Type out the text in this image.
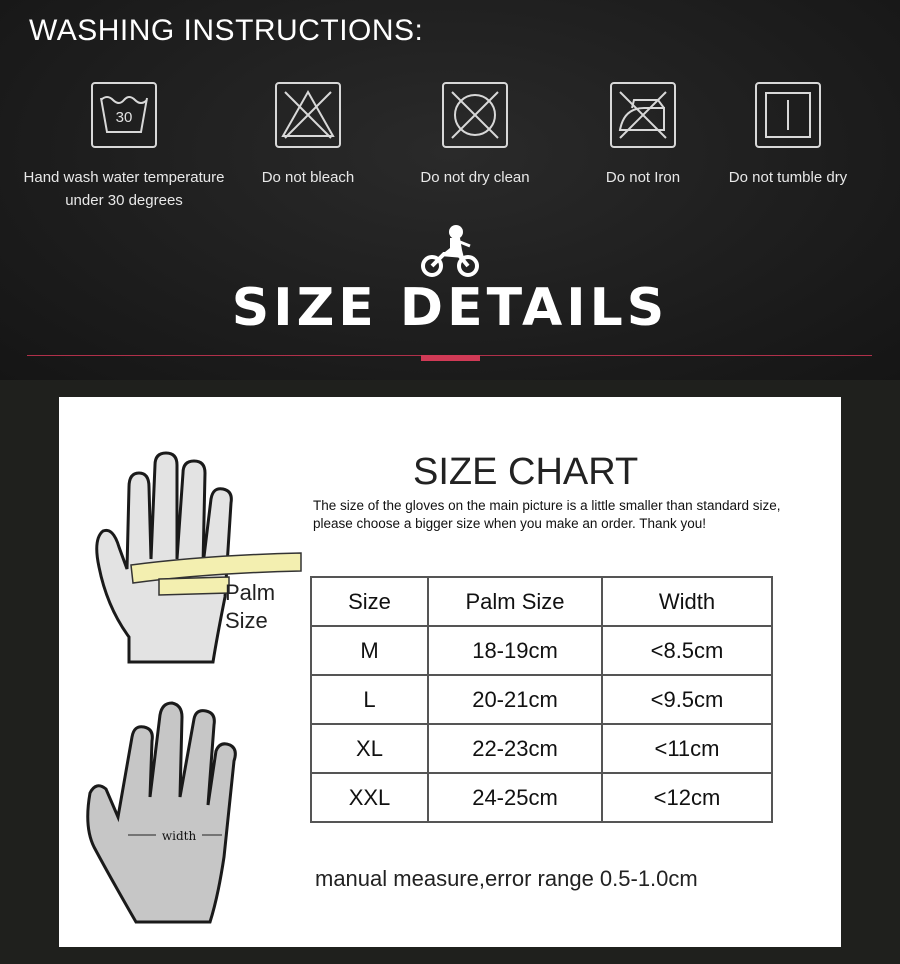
WASHING INSTRUCTIONS:
30
Hand wash water temperature
under 30 degrees
Do not bleach	Do not dry clean	Do not Iron	Do not tumble dry
SIZE DETAILS
Palm
Size
width
SIZE CHART
The size of the gloves on the main picture is a little smaller than standard size, please choose a bigger size when you make an order. Thank you!
Size	Palm Size	Width
M	18-19cm	<8.5cm
L	20-21cm	<9.5cm
XL	22-23cm	<11cm
XXL	24-25cm	<12cm
manual measure,error range 0.5-1.0cm
